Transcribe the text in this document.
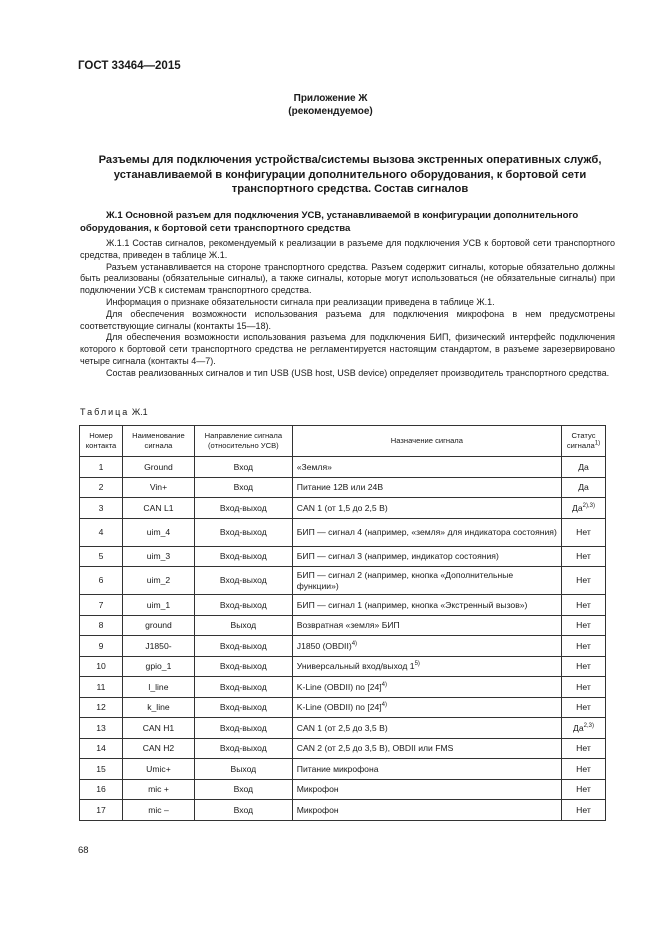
ГОСТ 33464—2015
Приложение Ж
(рекомендуемое)
Разъемы для подключения устройства/системы вызова экстренных оперативных служб,
устанавливаемой в конфигурации дополнительного оборудования, к бортовой сети
транспортного средства. Состав сигналов
Ж.1 Основной разъем для подключения УСВ, устанавливаемой в конфигурации дополнительного
оборудования, к бортовой сети транспортного средства

Ж.1.1 Состав сигналов, рекомендуемый к реализации в разъеме для подключения УСВ к бортовой сети транспортного средства, приведен в таблице Ж.1.

Разъем устанавливается на стороне транспортного средства. Разъем содержит сигналы, которые обязательно должны быть реализованы (обязательные сигналы), а также сигналы, которые могут использоваться (не обязательные сигналы) при подключении УСВ к системам транспортного средства.

Информация о признаке обязательности сигнала при реализации приведена в таблице Ж.1.

Для обеспечения возможности использования разъема для подключения микрофона в нем предусмотрены соответствующие сигналы (контакты 15—18).

Для обеспечения возможности использования разъема для подключения БИП, физический интерфейс подключения которого к бортовой сети транспортного средства не регламентируется настоящим стандартом, в разъеме зарезервировано четыре сигнала (контакты 4—7).

Состав реализованных сигналов и тип USB (USB host, USB device) определяет производитель транспортного средства.

Таблица Ж.1
Номер контакта	Наименование сигнала	Направление сигнала (относительно УСВ)	Назначение сигнала	Статус сигнала$^{1)}$
1	Ground	Вход	«Земля»	Да
2	Vin+	Вход	Питание 12В или 24В	Да
3	CAN L1	Вход-выход	CAN 1 (от 1,5 до 2,5 В)	$Да^{2),3)}$
4	uim_4	Вход-выход	БИП — сигнал 4 (например, «земля» для индикатора состояния)	Нет
5	uim_3	Вход-выход	БИП — сигнал 3 (например, индикатор состояния)	Нет
6	uim_2	Вход-выход	БИП — сигнал 2 (например, кнопка «Дополнительные функции»)	Нет
7	uim_1	Вход-выход	БИП — сигнал 1 (например, кнопка «Экстренный вызов»)	Нет
8	ground	Выход	Возвратная «земля» БИП	Нет
9	J1850-	Вход-выход	J1850 (OBDII)$^{4)}$	Нет
10	gpio_1	Вход-выход	Универсальный вход/выход 1$^{5)}$	Нет
11	l_line	Вход-выход	K-Line (OBDII) по $[24]^{4)}$	Нет
12	k_line	Вход-выход	K-Line (OBDII) по $[24]^{4)}$	Нет
13	CAN H1	Вход-выход	CAN 1 (от 2,5 до 3,5 В)	Да$^{2,3)}$
14	CAN H2	Вход-выход	CAN 2 (от 2,5 до 3,5 В), OBDII или FMS	Нет
15	Umic+	Выход	Питание микрофона	Нет
16	mic +	Вход	Микрофон	Нет
17	mic –	Вход	Микрофон	Нет
68
